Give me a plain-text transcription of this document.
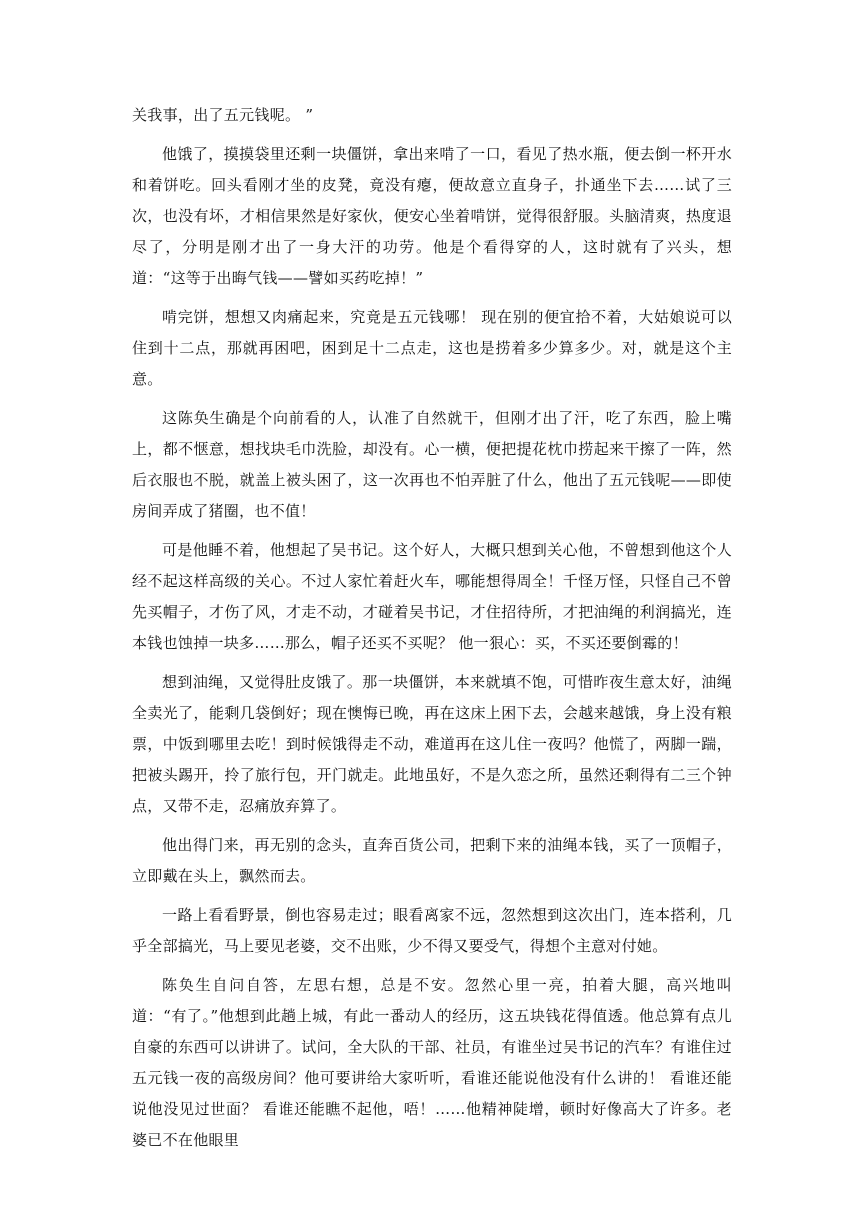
关我事，出了五元钱呢。 ”

他饿了，摸摸袋里还剩一块僵饼，拿出来啃了一口，看见了热水瓶，便去倒一杯开水和着饼吃。回头看刚才坐的皮凳，竟没有瘪，便故意立直身子，扑通坐下去……试了三次，也没有坏，才相信果然是好家伙，便安心坐着啃饼，觉得很舒服。头脑清爽，热度退尽了，分明是刚才出了一身大汗的功劳。他是个看得穿的人，这时就有了兴头，想道：“这等于出晦气钱——譬如买药吃掉！”

啃完饼，想想又肉痛起来，究竟是五元钱哪！ 现在别的便宜拾不着，大姑娘说可以住到十二点，那就再困吧，困到足十二点走，这也是捞着多少算多少。对，就是这个主意。

这陈奂生确是个向前看的人，认准了自然就干，但刚才出了汗，吃了东西，脸上嘴上，都不惬意，想找块毛巾洗脸，却没有。心一横，便把提花枕巾捞起来干擦了一阵，然后衣服也不脱，就盖上被头困了，这一次再也不怕弄脏了什么，他出了五元钱呢——即使房间弄成了猪圈，也不值！

可是他睡不着，他想起了吴书记。这个好人，大概只想到关心他，不曾想到他这个人经不起这样高级的关心。不过人家忙着赶火车，哪能想得周全！千怪万怪，只怪自己不曾先买帽子，才伤了风，才走不动，才碰着吴书记，才住招待所，才把油绳的利润搞光，连本钱也蚀掉一块多……那么，帽子还买不买呢？ 他一狠心：买，不买还要倒霉的！

想到油绳，又觉得肚皮饿了。那一块僵饼，本来就填不饱，可惜昨夜生意太好，油绳全卖光了，能剩几袋倒好；现在懊悔已晚，再在这床上困下去，会越来越饿，身上没有粮票，中饭到哪里去吃！到时候饿得走不动，难道再在这儿住一夜吗？他慌了，两脚一踹，把被头踢开，拎了旅行包，开门就走。此地虽好，不是久恋之所，虽然还剩得有二三个钟点，又带不走，忍痛放弃算了。

他出得门来，再无别的念头，直奔百货公司，把剩下来的油绳本钱，买了一顶帽子，立即戴在头上，飘然而去。

一路上看看野景，倒也容易走过；眼看离家不远，忽然想到这次出门，连本搭利，几乎全部搞光，马上要见老婆，交不出账，少不得又要受气，得想个主意对付她。

陈奂生自问自答，左思右想，总是不安。忽然心里一亮，拍着大腿，高兴地叫道：“有了。”他想到此趟上城，有此一番动人的经历，这五块钱花得值透。他总算有点儿自豪的东西可以讲讲了。试问，全大队的干部、社员，有谁坐过吴书记的汽车？有谁住过五元钱一夜的高级房间？他可要讲给大家听听，看谁还能说他没有什么讲的！ 看谁还能说他没见过世面？ 看谁还能瞧不起他，唔！……他精神陡增，顿时好像高大了许多。老婆已不在他眼里
